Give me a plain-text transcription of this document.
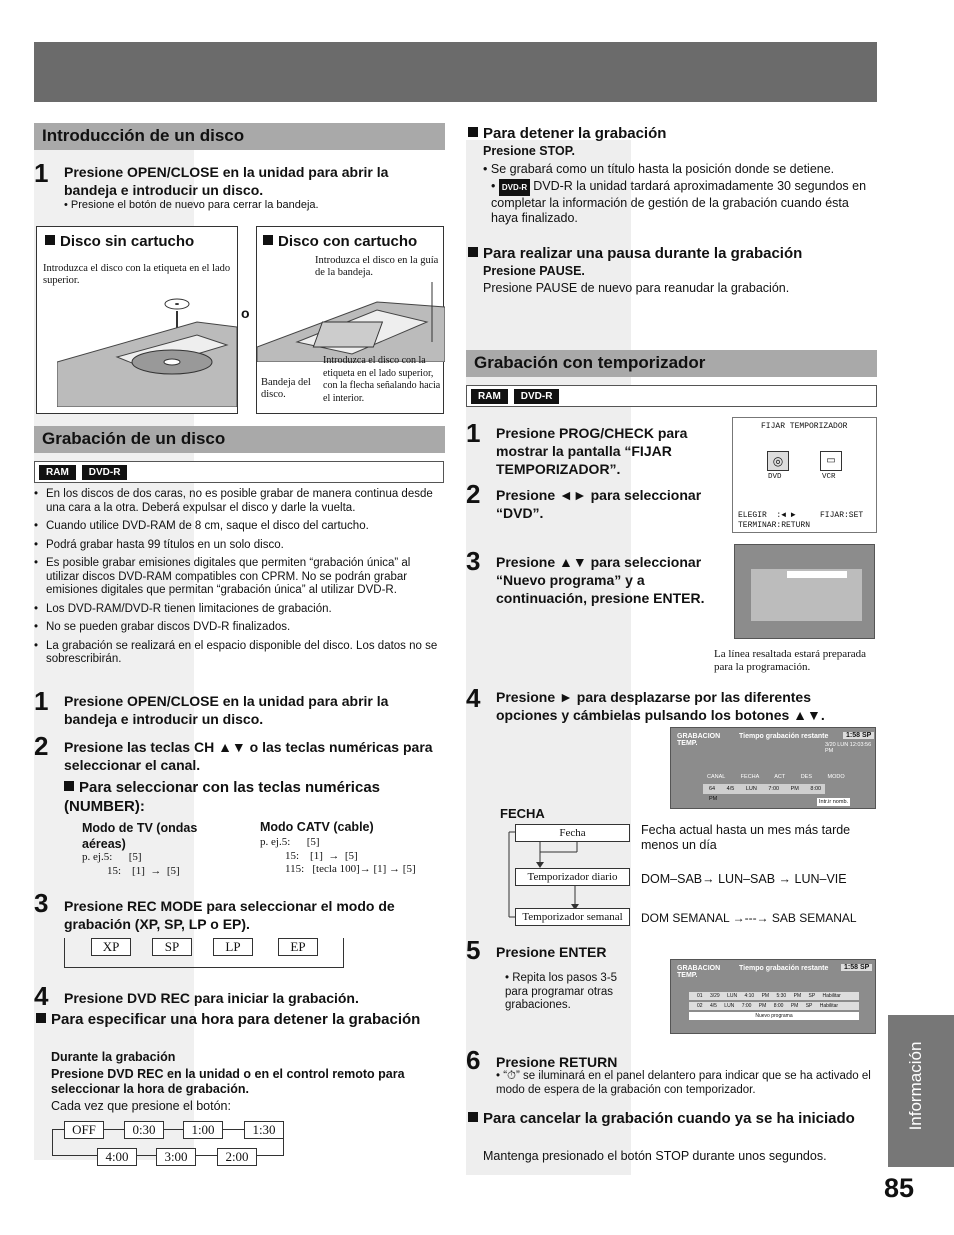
Introducción de un disco
1 Presione OPEN/CLOSE en la unidad para abrir la bandeja e introducir un disco.
• Presione el botón de nuevo para cerrar la bandeja.
Disco sin cartucho
Introduzca el disco con la etiqueta en el lado superior.
o
Disco con cartucho
Introduzca el disco en la guía de la bandeja.
Bandeja del disco.
Introduzca el disco con la etiqueta en el lado superior, con la flecha señalando hacia el interior.
Grabación de un disco
RAM DVD-R
• En los discos de dos caras, no es posible grabar de manera continua desde una cara a la otra. Deberá expulsar el disco y darle la vuelta.
• Cuando utilice DVD-RAM de 8 cm, saque el disco del cartucho.
• Podrá grabar hasta 99 títulos en un solo disco.
• Es posible grabar emisiones digitales que permiten “grabación única” al utilizar discos DVD-RAM compatibles con CPRM. No se podrán grabar emisiones digitales que permitan “grabación única” al utilizar DVD-R.
• Los DVD-RAM/DVD-R tienen limitaciones de grabación.
• No se pueden grabar discos DVD-R finalizados.
• La grabación se realizará en el espacio disponible del disco. Los datos no se sobrescribirán.
1 Presione OPEN/CLOSE en la unidad para abrir la bandeja e introducir un disco.
2 Presione las teclas CH ▲▼ o las teclas numéricas para seleccionar el canal.
Para seleccionar con las teclas numéricas (NUMBER):
Modo de TV (ondas aéreas)
p. ej.5:      [5]
15:    [1]  →  [5]
Modo CATV (cable)
p. ej.5:      [5]
15:    [1]  →  [5]
115:   [tecla 100]→ [1] → [5]
3 Presione REC MODE para seleccionar el modo de grabación (XP, SP, LP o EP).
XP	SP	LP	EP
4 Presione DVD REC para iniciar la grabación.
Para especificar una hora para detener la grabación
Durante la grabación
Presione DVD REC en la unidad o en el control remoto para seleccionar la hora de grabación.
Cada vez que presione el botón:
OFF	0:30	1:00	1:30
4:00	3:00	2:00
Para detener la grabación
Presione STOP.
• Se grabará como un título hasta la posición donde se detiene.
• DVD-R DVD-R la unidad tardará aproximadamente 30 segundos en completar la información de gestión de la grabación cuando ésta haya finalizado.
Para realizar una pausa durante la grabación
Presione PAUSE.
Presione PAUSE de nuevo para reanudar la grabación.
Grabación con temporizador
RAM DVD-R
1 Presione PROG/CHECK para mostrar la pantalla “FIJAR TEMPORIZADOR”.
FIJAR TEMPORIZADOR
◎	▭
DVD	VCR
ELEGIR  :◄ ►	FIJAR:SET
TERMINAR:RETURN
2 Presione ◄► para seleccionar “DVD”.
3 Presione ▲▼ para seleccionar “Nuevo programa” y a continuación, presione ENTER.
La línea resaltada estará preparada para la programación.
4 Presione ► para desplazarse por las diferentes opciones y cámbielas pulsando los botones ▲▼.
GRABACION TEMP.
Tiempo grabación restante	1:58 SP
3/20 LUN 12:03:56 PM
CANAL	FECHA	ACT	DES	MODO
64 4/5 LUN 7:00 PM 8:00 PM	Intr.ir nomb.
FECHA
Fecha
Temporizador diario
Temporizador semanal
Fecha actual hasta un mes más tarde menos un día
DOM–SAB→ LUN–SAB → LUN–VIE
DOM SEMANAL →---→ SAB SEMANAL
5 Presione ENTER
• Repita los pasos 3-5 para programar otras grabaciones.
GRABACION TEMP.
Tiempo grabación restante	1:58 SP
01 3/29 LUN 4:10 PM 5:30 PM SP Habilitar
02 4/5 LUN 7:00 PM 8:00 PM SP Habilitar
Nuevo programa
6 Presione RETURN
• “⏱” se iluminará en el panel delantero para indicar que se ha activado el modo de espera de la grabación con temporizador.
Para cancelar la grabación cuando ya se ha iniciado
Mantenga presionado el botón STOP durante unos segundos.
Información
85
